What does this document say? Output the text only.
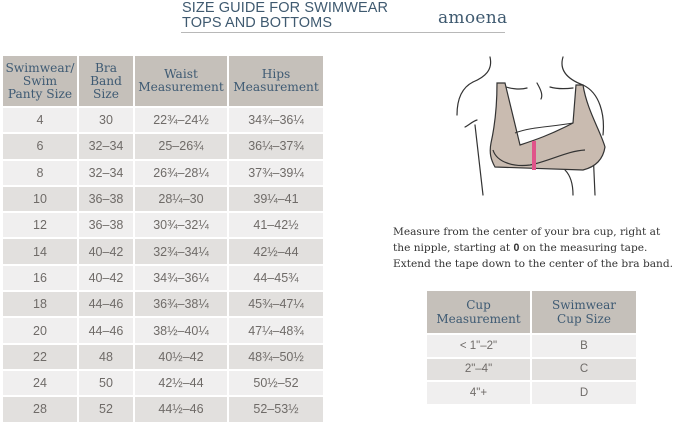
SIZE GUIDE FOR SWIMWEAR
TOPS AND BOTTOMS	amoena
Swimwear/ Swim Panty Size	Bra Band Size	Waist Measurement	Hips Measurement

4	30	22¾–24½	34¾–36¼
6	32–34	25–26¾	36¼–37¾
8	32–34	26¾–28¼	37¾–39¼
10	36–38	28¼–30	39¼–41
12	36–38	30¾–32¼	41–42½
14	40–42	32¾–34¼	42½–44
16	40–42	34¾–36¼	44–45¾
18	44–46	36¾–38¼	45¾–47¼
20	44–46	38½–40¼	47¼–48¾
22	48	40½–42	48¾–50½
24	50	42½–44	50½–52
28	52	44½–46	52–53½
Measure from the center of your bra cup, right at
the nipple, starting at 0 on the measuring tape.
Extend the tape down to the center of the bra band.
Cup Measurement	Swimwear Cup Size

< 1"–2"	B
2"–4"	C
4"+	D
